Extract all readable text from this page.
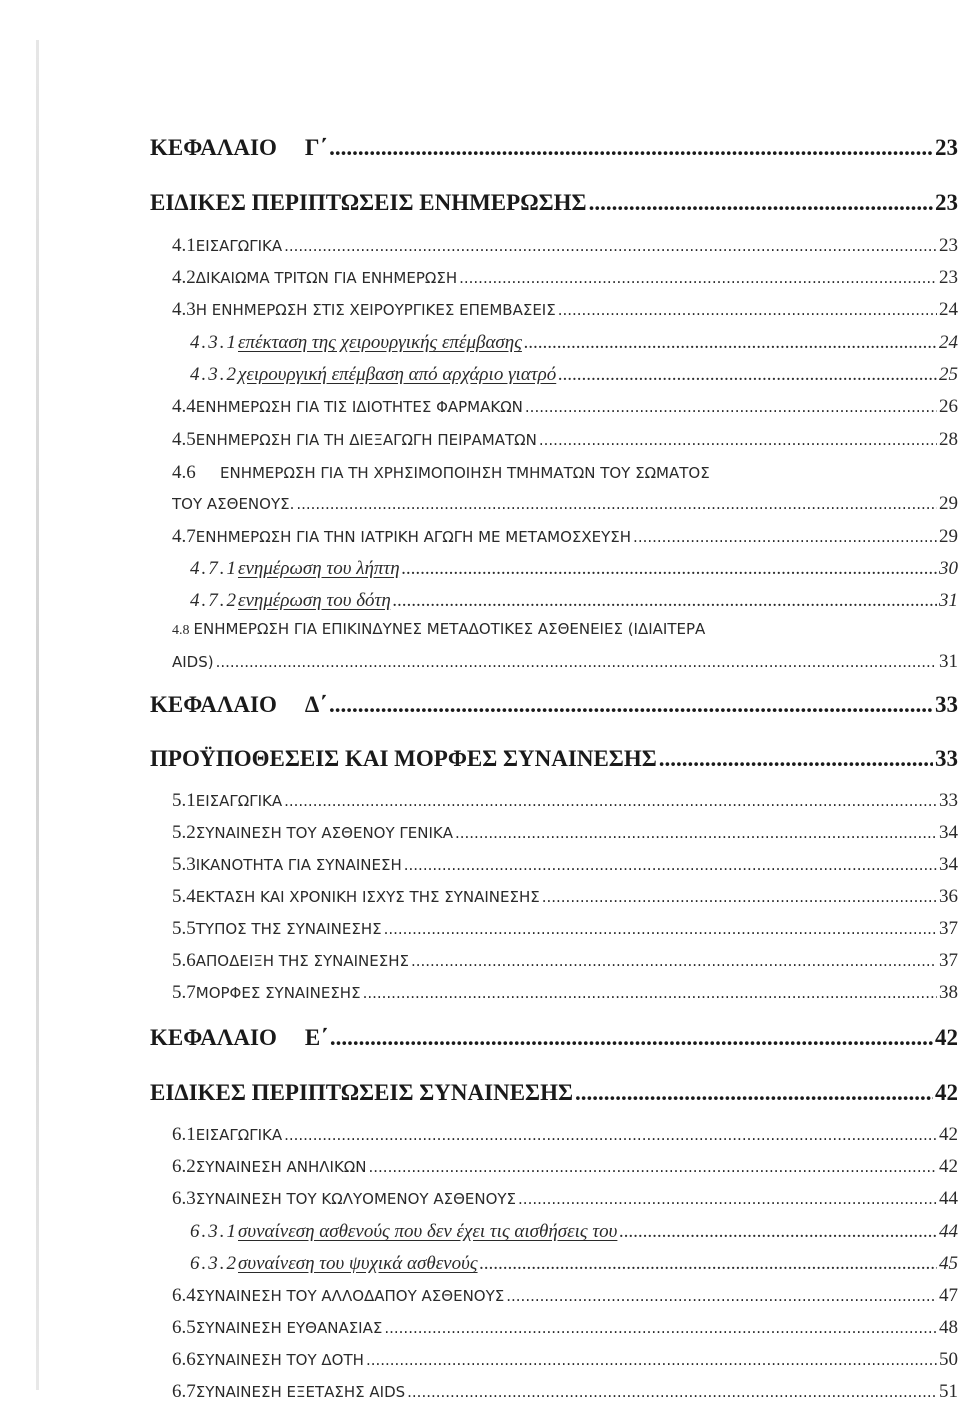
ΚΕΦΑΛΑΙΟ Γ΄ .....	23
ΕΙΔΙΚΕΣ ΠΕΡΙΠΤΩΣΕΙΣ ΕΝΗΜΕΡΩΣΗΣ .....	23
4.1 ΕΙΣΑΓΩΓΙΚΑ .....	23
4.2 ΔΙΚΑΙΩΜΑ ΤΡΙΤΩΝ ΓΙΑ ΕΝΗΜΕΡΩΣΗ .....	23
4.3 Η ΕΝΗΜΕΡΩΣΗ ΣΤΙΣ ΧΕΙΡΟΥΡΓΙΚΕΣ ΕΠΕΜΒΑΣΕΙΣ .....	24
4.3.1 επέκταση της χειρουργικής επέμβασης .....	24
4.3.2 χειρουργική επέμβαση από αρχάριο γιατρό .....	25
4.4 ΕΝΗΜΕΡΩΣΗ ΓΙΑ ΤΙΣ ΙΔΙΟΤΗΤΕΣ ΦΑΡΜΑΚΩΝ .....	26
4.5 ΕΝΗΜΕΡΩΣΗ ΓΙΑ ΤΗ ΔΙΕΞΑΓΩΓΗ ΠΕΙΡΑΜΑΤΩΝ .....	28
4.6	ΕΝΗΜΕΡΩΣΗ ΓΙΑ ΤΗ ΧΡΗΣΙΜΟΠΟΙΗΣΗ ΤΜΗΜΑΤΩΝ ΤΟΥ ΣΩΜΑΤΟΣ
ΤΟΥ ΑΣΘΕΝΟΥΣ. .....	29
4.7 ΕΝΗΜΕΡΩΣΗ ΓΙΑ ΤΗΝ ΙΑΤΡΙΚΗ ΑΓΩΓΗ ΜΕ ΜΕΤΑΜΟΣΧΕΥΣΗ .....	29
4.7.1 ενημέρωση του λήπτη .....	30
4.7.2 ενημέρωση του δότη .....	31
4.8 ΕΝΗΜΕΡΩΣΗ ΓΙΑ ΕΠΙΚΙΝΔΥΝΕΣ ΜΕΤΑΔΟΤΙΚΕΣ ΑΣΘΕΝΕΙΕΣ (ΙΔΙΑΙΤΕΡΑ
AIDS) .....	31
ΚΕΦΑΛΑΙΟ Δ΄ .....	33
ΠΡΟΫΠΟΘΕΣΕΙΣ ΚΑΙ ΜΟΡΦΕΣ ΣΥΝΑΙΝΕΣΗΣ .....	33
5.1 ΕΙΣΑΓΩΓΙΚΑ .....	33
5.2 ΣΥΝΑΙΝΕΣΗ ΤΟΥ ΑΣΘΕΝΟΥ ΓΕΝΙΚΑ .....	34
5.3 ΙΚΑΝΟΤΗΤΑ ΓΙΑ ΣΥΝΑΙΝΕΣΗ .....	34
5.4 ΕΚΤΑΣΗ ΚΑΙ ΧΡΟΝΙΚΗ ΙΣΧΥΣ ΤΗΣ ΣΥΝΑΙΝΕΣΗΣ .....	36
5.5 ΤΥΠΟΣ ΤΗΣ ΣΥΝΑΙΝΕΣΗΣ .....	37
5.6 ΑΠΟΔΕΙΞΗ ΤΗΣ ΣΥΝΑΙΝΕΣΗΣ .....	37
5.7 ΜΟΡΦΕΣ ΣΥΝΑΙΝΕΣΗΣ .....	38
ΚΕΦΑΛΑΙΟ Ε΄ .....	42
ΕΙΔΙΚΕΣ ΠΕΡΙΠΤΩΣΕΙΣ ΣΥΝΑΙΝΕΣΗΣ .....	42
6.1 ΕΙΣΑΓΩΓΙΚΑ .....	42
6.2 ΣΥΝΑΙΝΕΣΗ ΑΝΗΛΙΚΩΝ .....	42
6.3 ΣΥΝΑΙΝΕΣΗ ΤΟΥ ΚΩΛΥΟΜΕΝΟΥ ΑΣΘΕΝΟΥΣ .....	44
6.3.1 συναίνεση ασθενούς που δεν έχει τις αισθήσεις του .....	44
6.3.2 συναίνεση του ψυχικά ασθενούς .....	45
6.4 ΣΥΝΑΙΝΕΣΗ ΤΟΥ ΑΛΛΟΔΑΠΟΥ ΑΣΘΕΝΟΥΣ .....	47
6.5 ΣΥΝΑΙΝΕΣΗ ΕΥΘΑΝΑΣΙΑΣ .....	48
6.6 ΣΥΝΑΙΝΕΣΗ ΤΟΥ ΔΟΤΗ .....	50
6.7 ΣΥΝΑΙΝΕΣΗ ΕΞΕΤΑΣΗΣ AIDS .....	51
